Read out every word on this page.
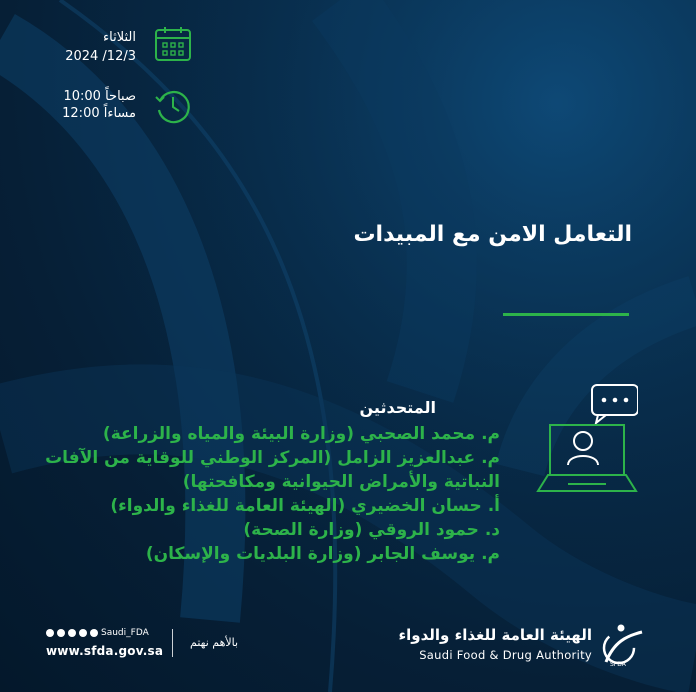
الثلاثاء
2024 /12/3
10:00 صباحاً
12:00 مساءاً
التعامل الامن مع المبيدات
المتحدثين
م. محمد الصحبي (وزارة البيئة والمياه والزراعة)
م. عبدالعزيز الزامل (المركز الوطني للوقاية من الآفات
النباتية والأمراض الحيوانية ومكافحتها)
أ. حسان الخضيري (الهيئة العامة للغذاء والدواء)
د. حمود الروقي (وزارة الصحة)
م. يوسف الجابر (وزارة البلديات والإسكان)
Saudi_FDA
www.sfda.gov.sa
بالأهم نهتم	الهيئة العامة للغذاء والدواء
Saudi Food & Drug Authority
SFDA
